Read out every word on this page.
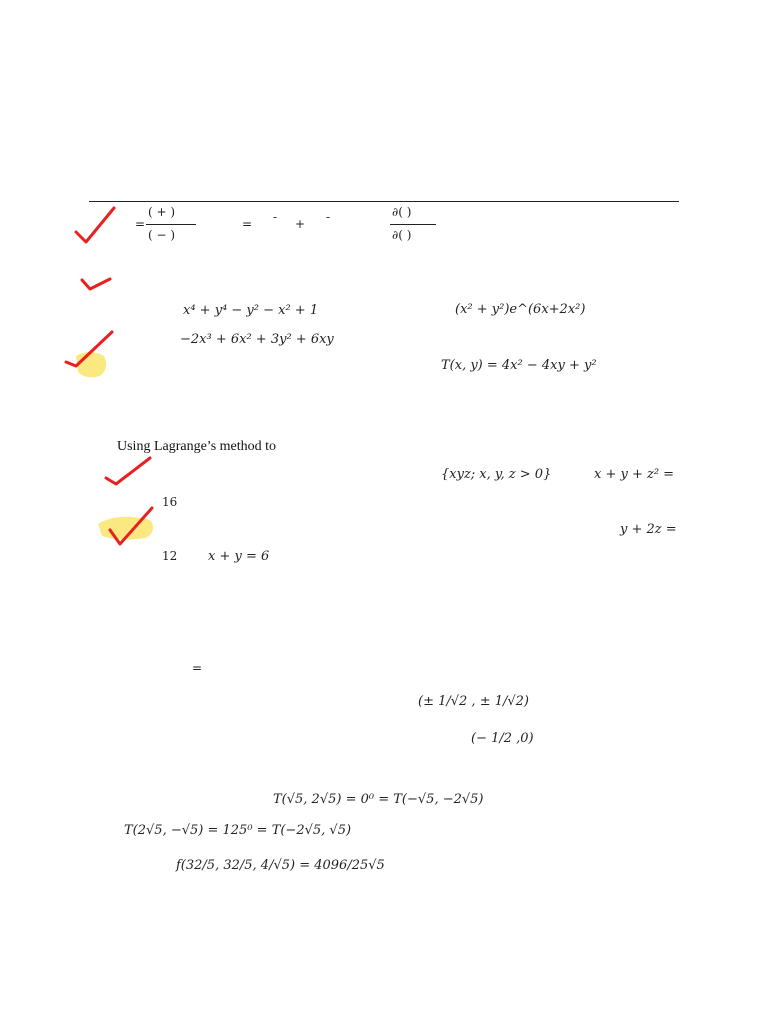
=
( + )
( − )
= - + -	∂( )
∂( )
x⁴ + y⁴ − y² − x² + 1	(x² + y²)e^(6x+2x²)
−2x³ + 6x² + 3y² + 6xy
T(x, y) = 4x² − 4xy + y²
Using Lagrange’s method to
{xyz; x, y, z > 0}	x + y + z² =
16
y + 2z =
12 x + y = 6
=
(± 1/√2 , ± 1/√2)
(− 1/2 ,0)
T(√5, 2√5) = 0⁰ = T(−√5, −2√5)
T(2√5, −√5) = 125⁰ = T(−2√5, √5)
f(32/5, 32/5, 4/√5) = 4096/25√5
